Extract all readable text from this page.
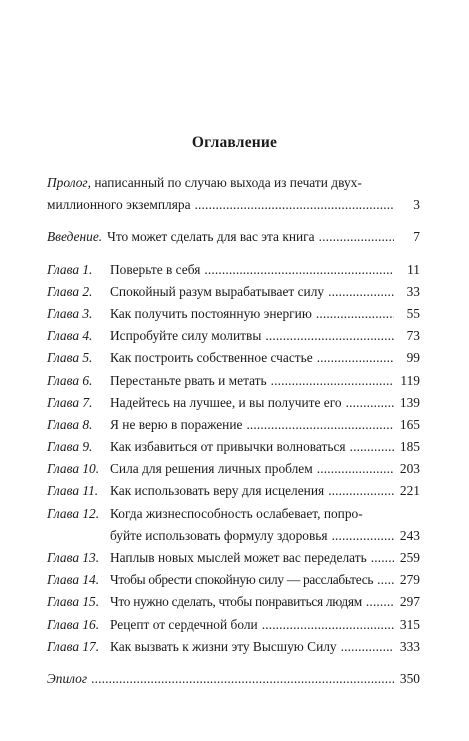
Оглавление
Пролог , написанный по случаю выхода из печати двух-
миллионного экземпляра . . .	3
Введение. Что может сделать для вас эта книга . . .	7
Глава 1.	Поверьте в себя . . .	11
Глава 2.	Спокойный разум вырабатывает силу . . .	33
Глава 3.	Как получить постоянную энергию . . .	55
Глава 4.	Испробуйте силу молитвы . . .	73
Глава 5.	Как построить собственное счастье . . .	99
Глава 6.	Перестаньте рвать и метать . . .	119
Глава 7.	Надейтесь на лучшее, и вы получите его . . .	139
Глава 8.	Я не верю в поражение . . .	165
Глава 9.	Как избавиться от привычки волноваться . . .	185
Глава 10. Сила для решения личных проблем . . .	203
Глава 11. Как использовать веру для исцеления . . .	221
Глава 12. Когда жизнеспособность ослабевает, попро-
буйте использовать формулу здоровья . . .	243
Глава 13. Наплыв новых мыслей может вас переделать . . . 259
Глава 14. Чтобы обрести спокойную силу — расслабьтесь . . . 279
Глава 15. Что нужно сделать, чтобы понравиться людям . . .	297
Глава 16. Рецепт от сердечной боли . . .	315
Глава 17. Как вызвать к жизни эту Высшую Силу . . .	333
Эпилог . . .	350
